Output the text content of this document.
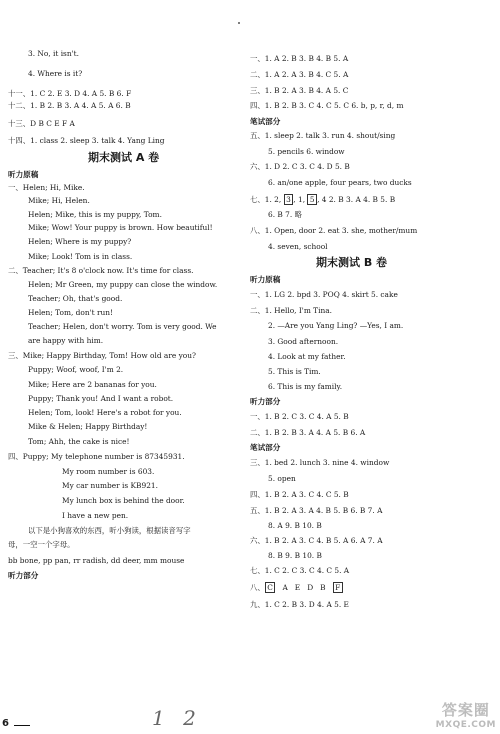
3. No, it isn't.
4. Where is it?
十一、1. C 2. E 3. D 4. A 5. B 6. F
十二、1. B 2. B 3. A 4. A 5. A 6. B
十三、D B C E F A
十四、1. class 2. sleep 3. talk 4. Yang Ling
期末测试 A 卷
听力原稿
一、Helen; Hi, Mike.
Mike; Hi, Helen.
Helen; Mike, this is my puppy, Tom.
Mike; Wow! Your puppy is brown. How beautiful!
Helen; Where is my puppy?
Mike; Look! Tom is in class.
二、Teacher; It's 8 o'clock now. It's time for class.
Helen; Mr Green, my puppy can close the window.
Teacher; Oh, that's good.
Helen; Tom, don't run!
Teacher; Helen, don't worry. Tom is very good. We
are happy with him.
三、Mike; Happy Birthday, Tom! How old are you?
Puppy; Woof, woof, I'm 2.
Mike; Here are 2 bananas for you.
Puppy; Thank you! And I want a robot.
Helen; Tom, look! Here's a robot for you.
Mike & Helen; Happy Birthday!
Tom; Ahh, the cake is nice!
四、Puppy; My telephone number is 87345931.
My room number is 603.
My car number is KB921.
My lunch box is behind the door.
I have a new pen.
以下是小狗喜欢的东西，听小狗读，根据读音写字
母，一空一个字母。
bb bone, pp pan, rr radish, dd deer, mm mouse
听力部分
一、1. A 2. B 3. B 4. B 5. A
二、1. A 2. A 3. B 4. C 5. A
三、1. B 2. A 3. B 4. A 5. C
四、1. B 2. B 3. C 4. C 5. C 6. b, p, r, d, m
笔试部分
五、1. sleep 2. talk 3. run 4. shout/sing
5. pencils 6. window
六、1. D 2. C 3. C 4. D 5. B
6. an/one apple, four pears, two ducks
七、1. 2, 3 , 1, 5 , 4 2. B 3. A 4. B 5. B
6. B 7. 略
八、1. Open, door 2. eat 3. she, mother/mum
4. seven, school
期末测试 B 卷
听力原稿
一、1. LG 2. bpd 3. POQ 4. skirt 5. cake
二、1. Hello, I'm Tina.
2. —Are you Yang Ling? —Yes, I am.
3. Good afternoon.
4. Look at my father.
5. This is Tim.
6. This is my family.
听力部分
一、1. B 2. C 3. C 4. A 5. B
二、1. B 2. B 3. A 4. A 5. B 6. A
笔试部分
三、1. bed 2. lunch 3. nine 4. window
5. open
四、1. B 2. A 3. C 4. C 5. B
五、1. B 2. A 3. A 4. B 5. B 6. B 7. A
8. A 9. B 10. B
六、1. B 2. A 3. C 4. B 5. A 6. A 7. A
8. B 9. B 10. B
七、1. C 2. C 3. C 4. C 5. A
八、 C A E D B F
九、1. C 2. B 3. D 4. A 5. E
6	1 2	答案圈
MXQE.COM
